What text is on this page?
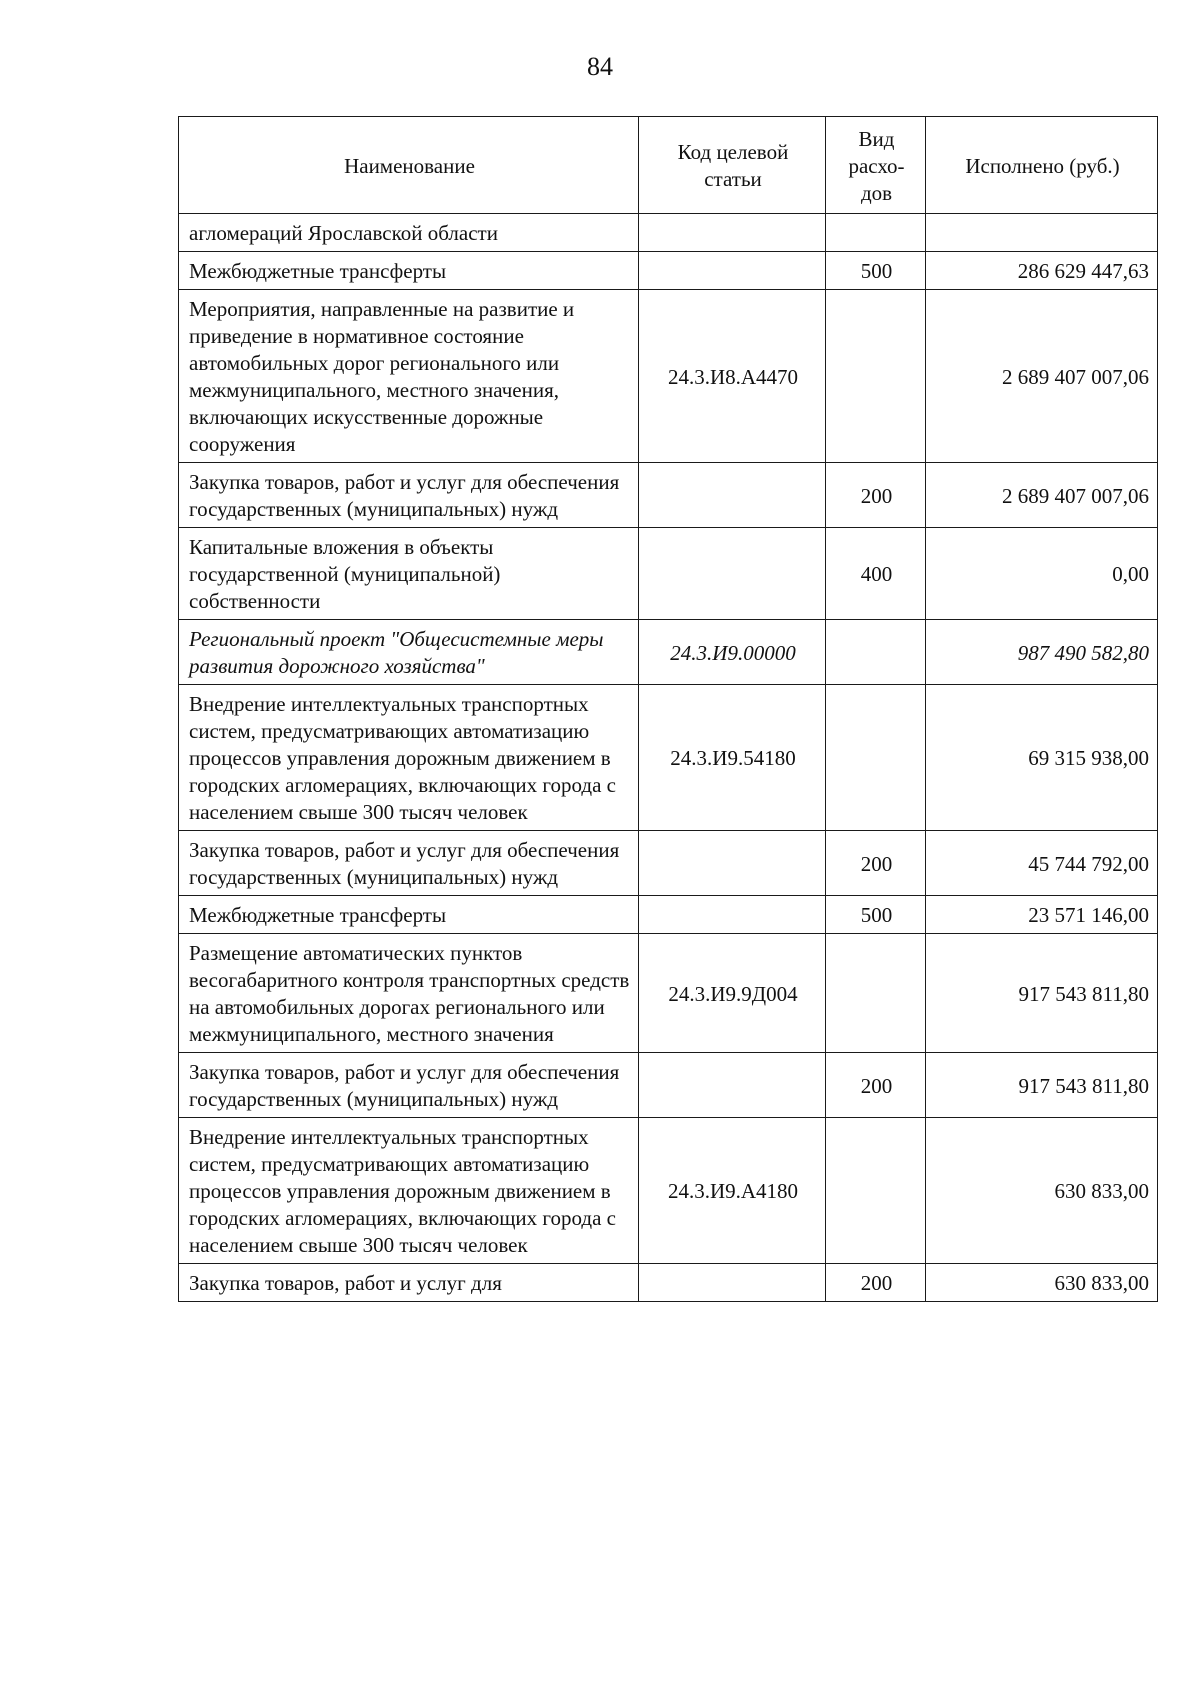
84
Наименование	Код целевой статьи	Вид расхо-дов	Исполнено (руб.)
агломераций Ярославской области			
Межбюджетные трансферты		500	286 629 447,63
Мероприятия, направленные на развитие и приведение в нормативное состояние автомобильных дорог регионального или межмуниципального, местного значения, включающих искусственные дорожные сооружения	24.3.И8.А4470		2 689 407 007,06
Закупка товаров, работ и услуг для обеспечения государственных (муниципальных) нужд		200	2 689 407 007,06
Капитальные вложения в объекты государственной (муниципальной) собственности		400	0,00
Региональный проект "Общесистемные меры развития дорожного хозяйства"	24.3.И9.00000		987 490 582,80
Внедрение интеллектуальных транспортных систем, предусматривающих автоматизацию процессов управления дорожным движением в городских агломерациях, включающих города с населением свыше 300 тысяч человек	24.3.И9.54180		69 315 938,00
Закупка товаров, работ и услуг для обеспечения государственных (муниципальных) нужд		200	45 744 792,00
Межбюджетные трансферты		500	23 571 146,00
Размещение автоматических пунктов весогабаритного контроля транспортных средств на автомобильных дорогах регионального или межмуниципального, местного значения	24.3.И9.9Д004		917 543 811,80
Закупка товаров, работ и услуг для обеспечения государственных (муниципальных) нужд		200	917 543 811,80
Внедрение интеллектуальных транспортных систем, предусматривающих автоматизацию процессов управления дорожным движением в городских агломерациях, включающих города с населением свыше 300 тысяч человек	24.3.И9.А4180		630 833,00
Закупка товаров, работ и услуг для		200	630 833,00
